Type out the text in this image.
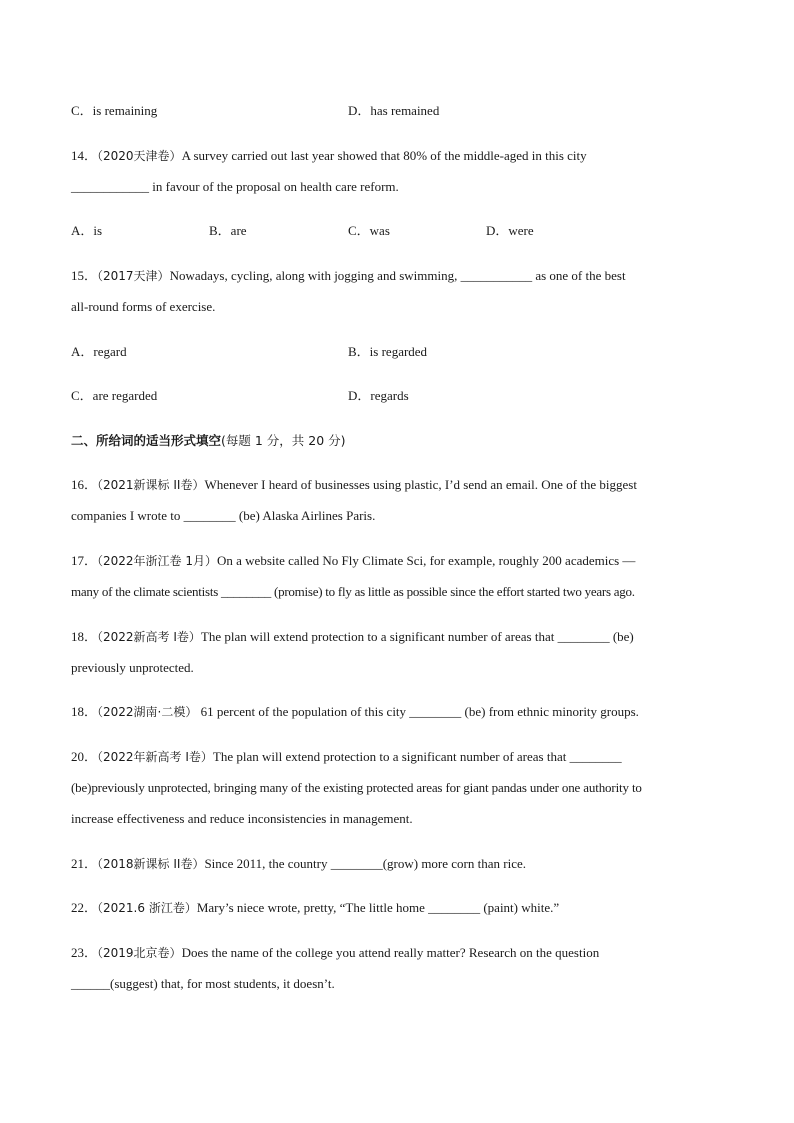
C．is remaining	D．has remained
14．（2020天津卷）A survey carried out last year showed that 80% of the middle-aged in this city
____________ in favour of the proposal on health care reform.
A．is	B．are	C．was	D．were
15．（2017天津）Nowadays, cycling, along with jogging and swimming, ___________ as one of the best
all-round forms of exercise.
A．regard	B．is regarded
C．are regarded	D．regards
二、所给词的适当形式填空(每题 1 分，共 20 分)
16．（2021新课标 II卷）Whenever I heard of businesses using plastic, I’d send an email. One of the biggest
companies I wrote to ________ (be) Alaska Airlines Paris.
17．（2022年浙江卷 1月）On a website called No Fly Climate Sci, for example, roughly 200 academics —
many of the climate scientists ________ (promise) to fly as little as possible since the effort started two years ago.
18．（2022新高考 I卷）The plan will extend protection to a significant number of areas that ________ (be)
previously unprotected.
18．（2022湖南·二模） 61 percent of the population of this city ________ (be) from ethnic minority groups.
20．（2022年新高考 I卷）The plan will extend protection to a significant number of areas that ________
(be)previously unprotected, bringing many of the existing protected areas for giant pandas under one authority to
increase effectiveness and reduce inconsistencies in management.
21．（2018新课标 II卷）Since 2011, the country ________(grow) more corn than rice.
22．（2021.6 浙江卷）Mary’s niece wrote, pretty, “The little home ________ (paint) white.”
23．（2019北京卷）Does the name of the college you attend really matter? Research on the question
______(suggest) that, for most students, it doesn’t.
